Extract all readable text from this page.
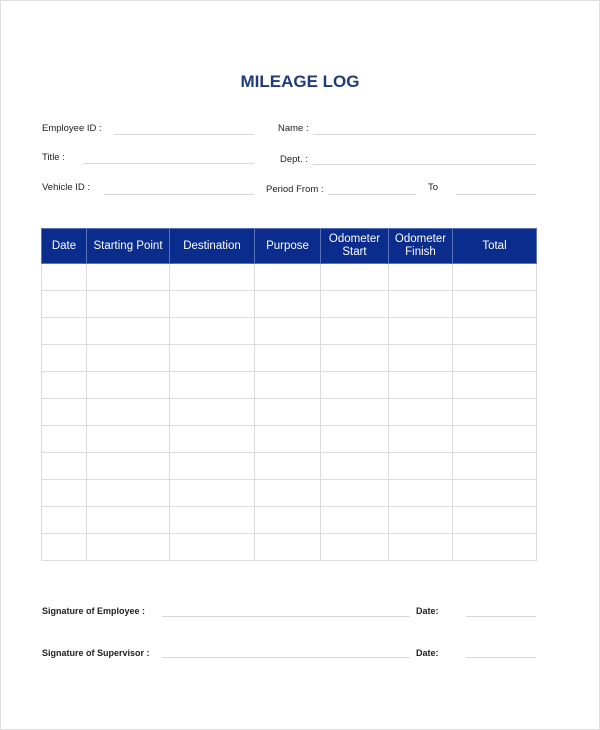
MILEAGE LOG
Employee ID :	Name :
Title :	Dept. :
Vehicle ID :	Period From :	To
Date	Starting Point	Destination	Purpose	Odometer Start	Odometer Finish	Total

Signature of Employee :	Date:
Signature of Supervisor :	Date:
